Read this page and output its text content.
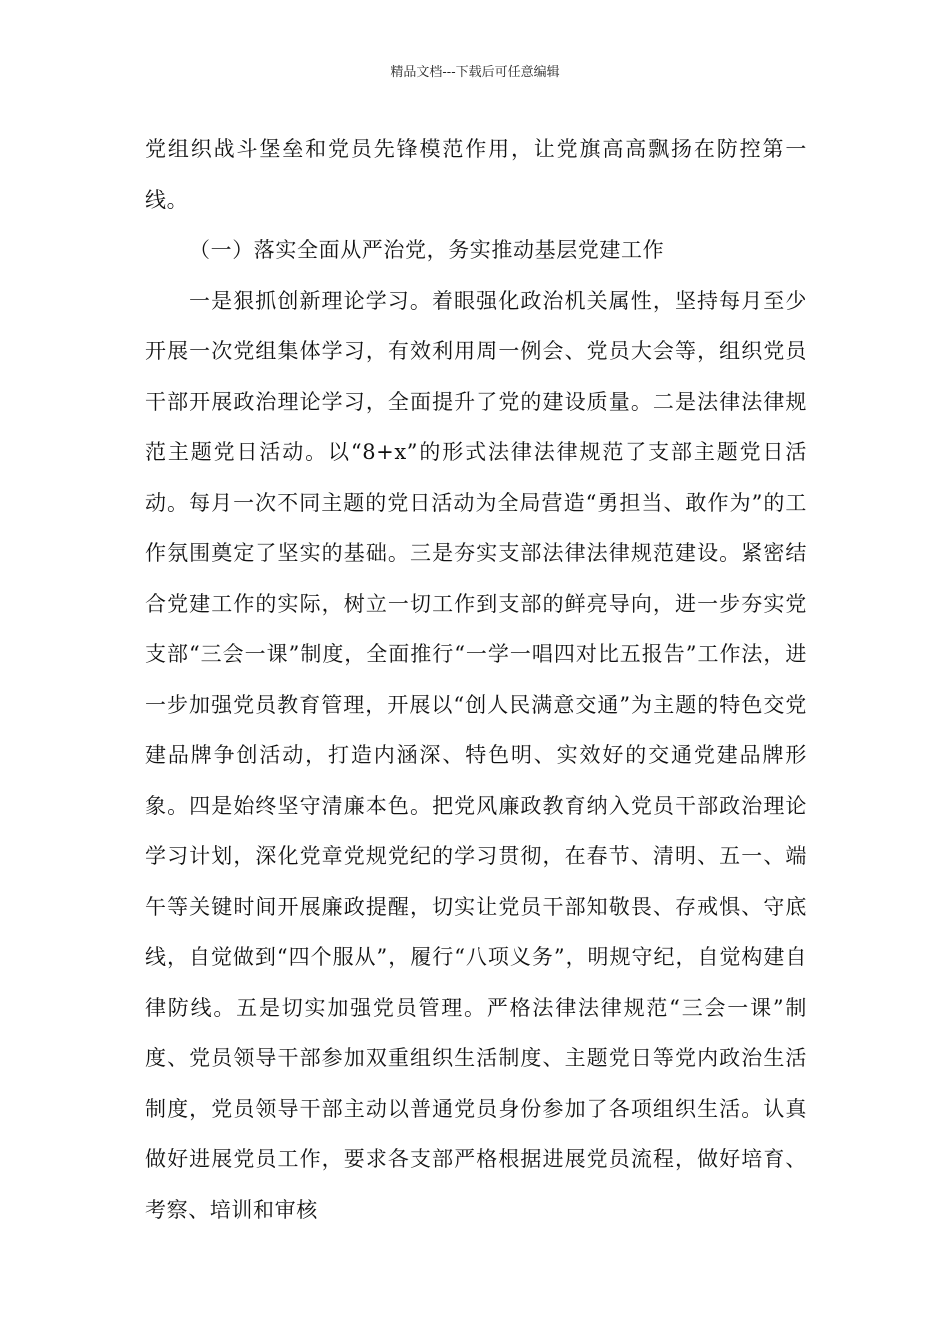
精品文档---下载后可任意编辑

党组织战斗堡垒和党员先锋模范作用，让党旗高高飘扬在防控第一线。

（一）落实全面从严治党，务实推动基层党建工作

一是狠抓创新理论学习。着眼强化政治机关属性，坚持每月至少开展一次党组集体学习，有效利用周一例会、党员大会等，组织党员干部开展政治理论学习，全面提升了党的建设质量。二是法律法律规范主题党日活动。以“8+x”的形式法律法律规范了支部主题党日活动。每月一次不同主题的党日活动为全局营造“勇担当、敢作为”的工作氛围奠定了坚实的基础。三是夯实支部法律法律规范建设。紧密结合党建工作的实际，树立一切工作到支部的鲜亮导向，进一步夯实党支部“三会一课”制度，全面推行“一学一唱四对比五报告”工作法，进一步加强党员教育管理，开展以“创人民满意交通”为主题的特色交党建品牌争创活动，打造内涵深、特色明、实效好的交通党建品牌形象。四是始终坚守清廉本色。把党风廉政教育纳入党员干部政治理论学习计划，深化党章党规党纪的学习贯彻，在春节、清明、五一、端午等关键时间开展廉政提醒，切实让党员干部知敬畏、存戒惧、守底线，自觉做到“四个服从”，履行“八项义务”，明规守纪，自觉构建自律防线。五是切实加强党员管理。严格法律法律规范“三会一课”制度、党员领导干部参加双重组织生活制度、主题党日等党内政治生活制度，党员领导干部主动以普通党员身份参加了各项组织生活。认真做好进展党员工作，要求各支部严格根据进展党员流程，做好培育、考察、培训和审核
